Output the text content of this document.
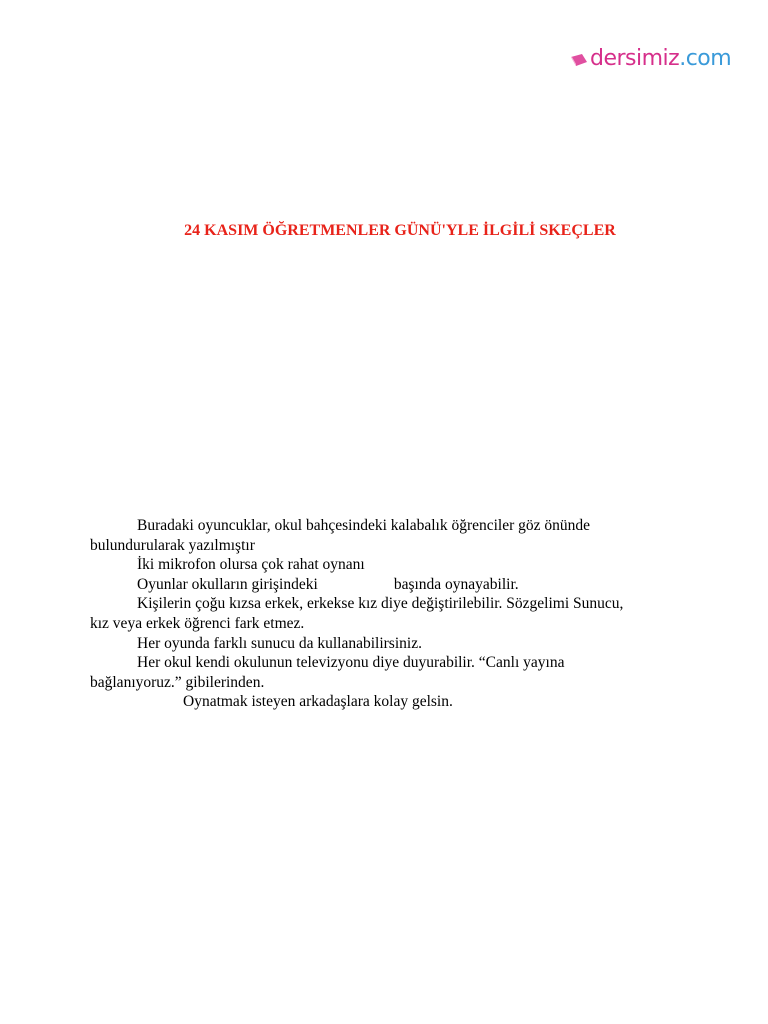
dersimiz .com
24 KASIM ÖĞRETMENLER GÜNÜ'YLE İLGİLİ SKEÇLER
Buradaki oyuncuklar, okul bahçesindeki kalabalık öğrenciler göz önünde
bulundurularak yazılmıştır
İki mikrofon olursa çok rahat oynanı
Oyunlar okulların girişindeki	başında oynayabilir.
Kişilerin çoğu kızsa erkek, erkekse kız diye değiştirilebilir. Sözgelimi Sunucu,
kız veya erkek öğrenci fark etmez.
Her oyunda farklı sunucu da kullanabilirsiniz.
Her okul kendi okulunun televizyonu diye duyurabilir. “Canlı yayına
bağlanıyoruz.” gibilerinden.
Oynatmak isteyen arkadaşlara kolay gelsin.
